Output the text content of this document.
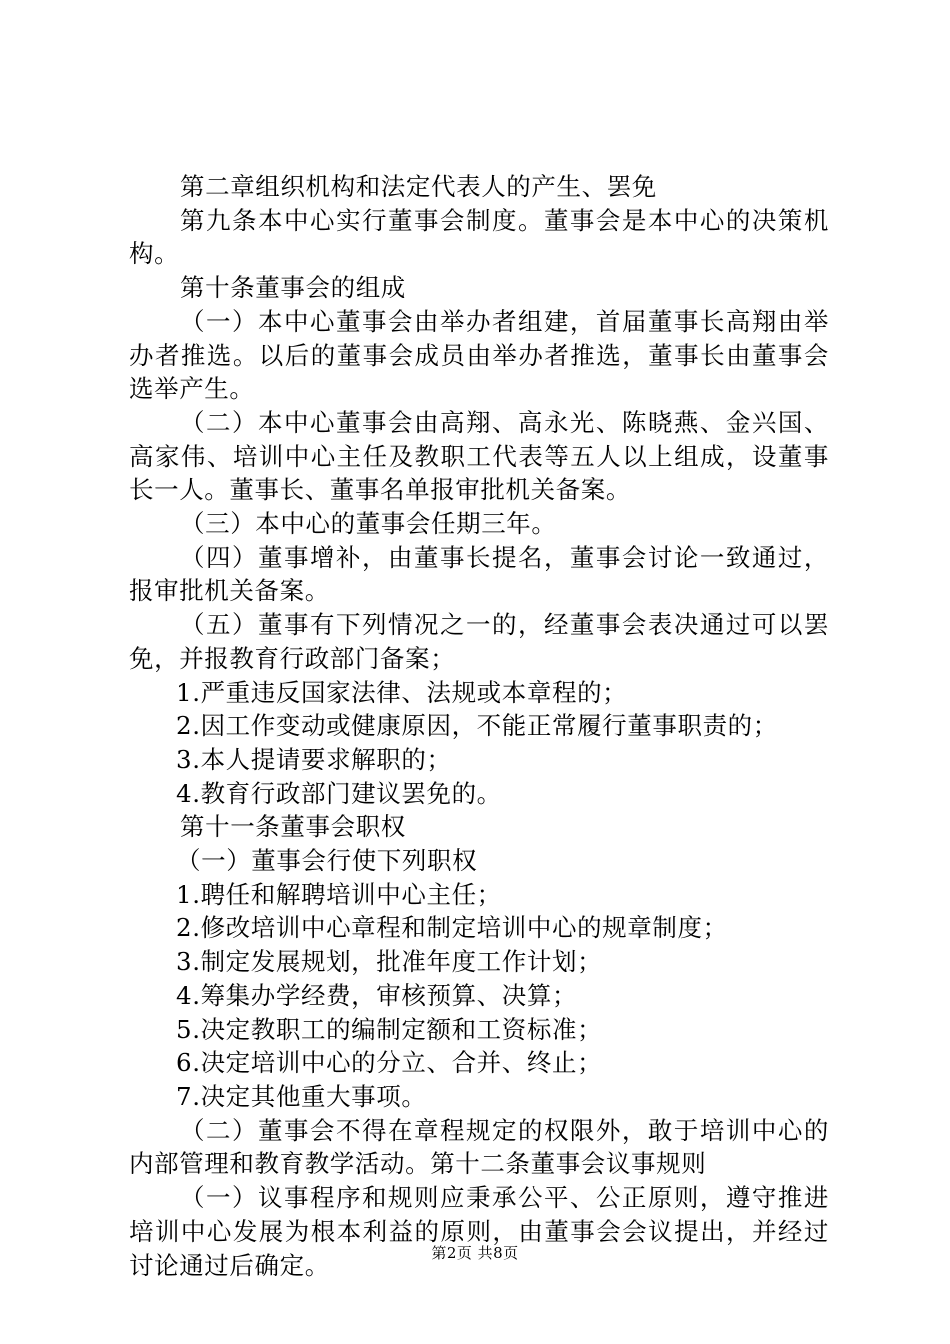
第二章组织机构和法定代表人的产生、罢免

第九条本中心实行董事会制度。董事会是本中心的决策机构。

第十条董事会的组成

（一）本中心董事会由举办者组建，首届董事长高翔由举办者推选。以后的董事会成员由举办者推选，董事长由董事会选举产生。

（二）本中心董事会由高翔、高永光、陈晓燕、金兴国、高家伟、培训中心主任及教职工代表等五人以上组成，设董事长一人。董事长、董事名单报审批机关备案。

（三）本中心的董事会任期三年。

（四）董事增补，由董事长提名，董事会讨论一致通过，报审批机关备案。

（五）董事有下列情况之一的，经董事会表决通过可以罢免，并报教育行政部门备案；

1.严重违反国家法律、法规或本章程的；

2.因工作变动或健康原因，不能正常履行董事职责的；

3.本人提请要求解职的；

4.教育行政部门建议罢免的。

第十一条董事会职权

（一）董事会行使下列职权

1.聘任和解聘培训中心主任；

2.修改培训中心章程和制定培训中心的规章制度；

3.制定发展规划，批准年度工作计划；

4.筹集办学经费，审核预算、决算；

5.决定教职工的编制定额和工资标准；

6.决定培训中心的分立、合并、终止；

7.决定其他重大事项。

（二）董事会不得在章程规定的权限外，敢于培训中心的内部管理和教育教学活动。第十二条董事会议事规则

（一）议事程序和规则应秉承公平、公正原则，遵守推进培训中心发展为根本利益的原则，由董事会会议提出，并经过讨论通过后确定。	第2页 共8页
